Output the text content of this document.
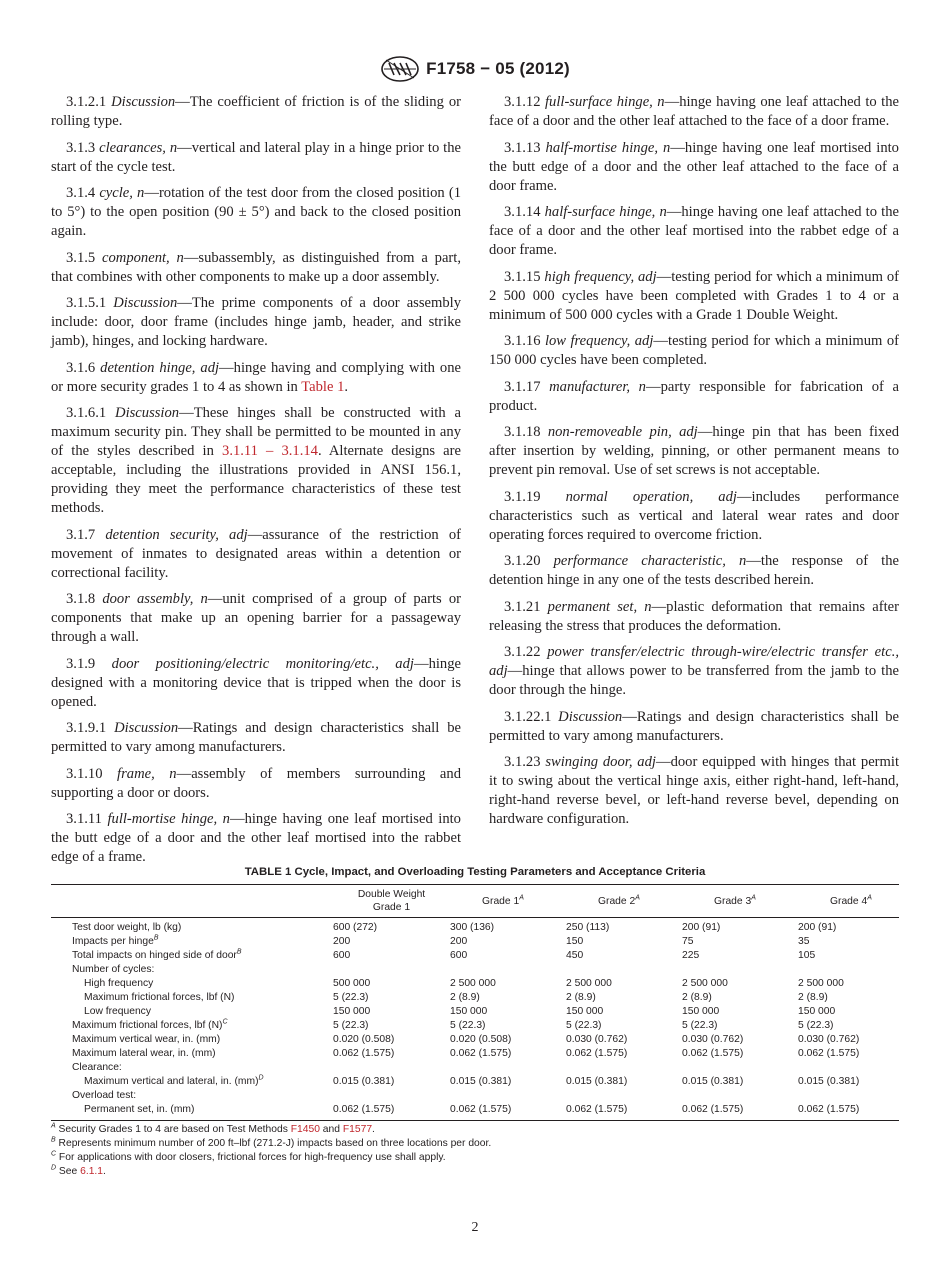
F1758 − 05 (2012)

3.1.2.1 Discussion—The coefficient of friction is of the sliding or rolling type.

3.1.3 clearances, n—vertical and lateral play in a hinge prior to the start of the cycle test.

3.1.4 cycle, n—rotation of the test door from the closed position (1 to 5°) to the open position (90 ± 5°) and back to the closed position again.

3.1.5 component, n—subassembly, as distinguished from a part, that combines with other components to make up a door assembly.

3.1.5.1 Discussion—The prime components of a door assembly include: door, door frame (includes hinge jamb, header, and strike jamb), hinges, and locking hardware.

3.1.6 detention hinge, adj—hinge having and complying with one or more security grades 1 to 4 as shown in Table 1.

3.1.6.1 Discussion—These hinges shall be constructed with a maximum security pin. They shall be permitted to be mounted in any of the styles described in 3.1.11 – 3.1.14. Alternate designs are acceptable, including the illustrations provided in ANSI 156.1, providing they meet the performance characteristics of these test methods.

3.1.7 detention security, adj—assurance of the restriction of movement of inmates to designated areas within a detention or correctional facility.

3.1.8 door assembly, n—unit comprised of a group of parts or components that make up an opening barrier for a passageway through a wall.

3.1.9 door positioning/electric monitoring/etc., adj—hinge designed with a monitoring device that is tripped when the door is opened.

3.1.9.1 Discussion—Ratings and design characteristics shall be permitted to vary among manufacturers.

3.1.10 frame, n—assembly of members surrounding and supporting a door or doors.

3.1.11 full-mortise hinge, n—hinge having one leaf mortised into the butt edge of a door and the other leaf mortised into the rabbet edge of a frame.

3.1.12 full-surface hinge, n—hinge having one leaf attached to the face of a door and the other leaf attached to the face of a door frame.

3.1.13 half-mortise hinge, n—hinge having one leaf mortised into the butt edge of a door and the other leaf attached to the face of a door frame.

3.1.14 half-surface hinge, n—hinge having one leaf attached to the face of a door and the other leaf mortised into the rabbet edge of a door frame.

3.1.15 high frequency, adj—testing period for which a minimum of 2 500 000 cycles have been completed with Grades 1 to 4 or a minimum of 500 000 cycles with a Grade 1 Double Weight.

3.1.16 low frequency, adj—testing period for which a minimum of 150 000 cycles have been completed.

3.1.17 manufacturer, n—party responsible for fabrication of a product.

3.1.18 non-removeable pin, adj—hinge pin that has been fixed after insertion by welding, pinning, or other permanent means to prevent pin removal. Use of set screws is not acceptable.

3.1.19 normal operation, adj—includes performance characteristics such as vertical and lateral wear rates and door operating forces required to overcome friction.

3.1.20 performance characteristic, n—the response of the detention hinge in any one of the tests described herein.

3.1.21 permanent set, n—plastic deformation that remains after releasing the stress that produces the deformation.

3.1.22 power transfer/electric through-wire/electric transfer etc., adj—hinge that allows power to be transferred from the jamb to the door through the hinge.

3.1.22.1 Discussion—Ratings and design characteristics shall be permitted to vary among manufacturers.

3.1.23 swinging door, adj—door equipped with hinges that permit it to swing about the vertical hinge axis, either right-hand, left-hand, right-hand reverse bevel, or left-hand reverse bevel, depending on hardware configuration.

TABLE 1 Cycle, Impact, and Overloading Testing Parameters and Acceptance Criteria
	Double Weight Grade 1	Grade $1^A$	Grade $2^A$	Grade $3^A$	Grade $4^A$
Test door weight, lb (kg)	600 (272)	300 (136)	250 (113)	200 (91)	200 (91)
Impacts per hinge$^B$	200	200	150	75	35
Total impacts on hinged side of door$^B$	600	600	450	225	105
Number of cycles:					
High frequency	500 000	2 500 000	2 500 000	2 500 000	2 500 000
Maximum frictional forces, lbf (N)	5 (22.3)	2 (8.9)	2 (8.9)	2 (8.9)	2 (8.9)
Low frequency	150 000	150 000	150 000	150 000	150 000
Maximum frictional forces, lbf $(N)^C$	5 (22.3)	5 (22.3)	5 (22.3)	5 (22.3)	5 (22.3)
Maximum vertical wear, in. (mm)	0.020 (0.508)	0.020 (0.508)	0.030 (0.762)	0.030 (0.762)	0.030 (0.762)
Maximum lateral wear, in. (mm)	0.062 (1.575)	0.062 (1.575)	0.062 (1.575)	0.062 (1.575)	0.062 (1.575)
Clearance:					
Maximum vertical and lateral, in. (mm)$^D$	0.015 (0.381)	0.015 (0.381)	0.015 (0.381)	0.015 (0.381)	0.015 (0.381)
Overload test:					
Permanent set, in. (mm)	0.062 (1.575)	0.062 (1.575)	0.062 (1.575)	0.062 (1.575)	0.062 (1.575)

$^A$ Security Grades 1 to 4 are based on Test Methods F1450 and F1577.

$^B$ Represents minimum number of 200 ft–lbf (271.2-J) impacts based on three locations per door.

$^C$ For applications with door closers, frictional forces for high-frequency use shall apply.

$^D$ See 6.1.1.

2
